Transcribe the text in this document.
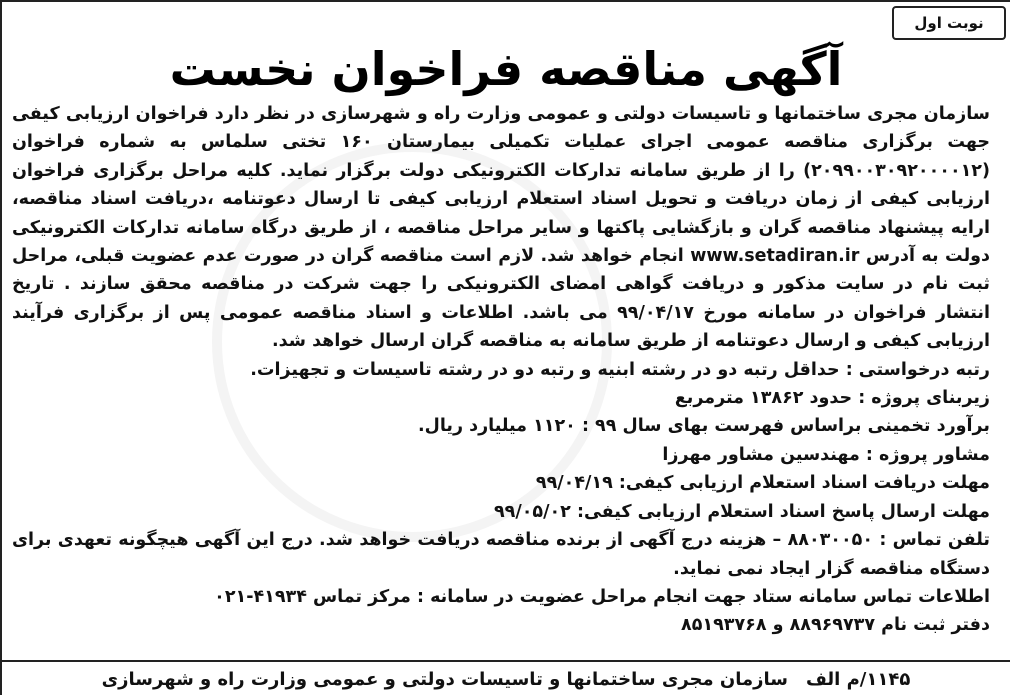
نوبت اول
آگهی مناقصه فراخوان نخست

سازمان مجری ساختمانها و تاسیسات دولتی و عمومی وزارت راه و شهرسازی در نظر دارد فراخوان ارزیابی کیفی جهت برگزاری مناقصه عمومی اجرای عملیات تکمیلی بیمارستان ۱۶۰ تختی سلماس به شماره فراخوان (۲۰۹۹۰۰۳۰۹۲۰۰۰۰۱۲) را از طریق سامانه تدارکات الکترونیکی دولت برگزار نماید. کلیه مراحل برگزاری فراخوان ارزیابی کیفی از زمان دریافت و تحویل اسناد استعلام ارزیابی کیفی تا ارسال دعوتنامه ،دریافت اسناد مناقصه، ارایه پیشنهاد مناقصه گران و بازگشایی پاکتها و سایر مراحل مناقصه ، از طریق درگاه سامانه تدارکات الکترونیکی دولت به آدرس www.setadiran.ir انجام خواهد شد. لازم است مناقصه گران در صورت عدم عضویت قبلی، مراحل ثبت نام در سایت مذکور و دریافت گواهی امضای الکترونیکی را جهت شرکت در مناقصه محقق سازند . تاریخ انتشار فراخوان در سامانه مورخ ۹۹/۰۴/۱۷ می باشد. اطلاعات و اسناد مناقصه عمومی پس از برگزاری فرآیند ارزیابی کیفی و ارسال دعوتنامه از طریق سامانه به مناقصه گران ارسال خواهد شد.

رتبه درخواستی : حداقل رتبه دو در رشته ابنیه و رتبه دو در رشته تاسیسات و تجهیزات.

زیربنای پروژه : حدود ۱۳۸۶۲ مترمربع

برآورد تخمینی براساس فهرست بهای سال ۹۹ : ۱۱۲۰ میلیارد ریال.

مشاور پروژه : مهندسین مشاور مهرزا

مهلت دریافت اسناد استعلام ارزیابی کیفی: ۹۹/۰۴/۱۹

مهلت ارسال پاسخ اسناد استعلام ارزیابی کیفی: ۹۹/۰۵/۰۲

تلفن تماس : ۸۸۰۳۰۰۵۰ – هزینه درج آگهی از برنده مناقصه دریافت خواهد شد. درج این آگهی هیچگونه تعهدی برای دستگاه مناقصه گزار ایجاد نمی نماید.

اطلاعات تماس سامانه ستاد جهت انجام مراحل عضویت در سامانه : مرکز تماس ۴۱۹۳۴-۰۲۱

دفتر ثبت نام ۸۸۹۶۹۷۳۷ و ۸۵۱۹۳۷۶۸

۱۱۴۵/م الف
سازمان مجری ساختمانها و تاسیسات دولتی و عمومی وزارت راه و شهرسازی
